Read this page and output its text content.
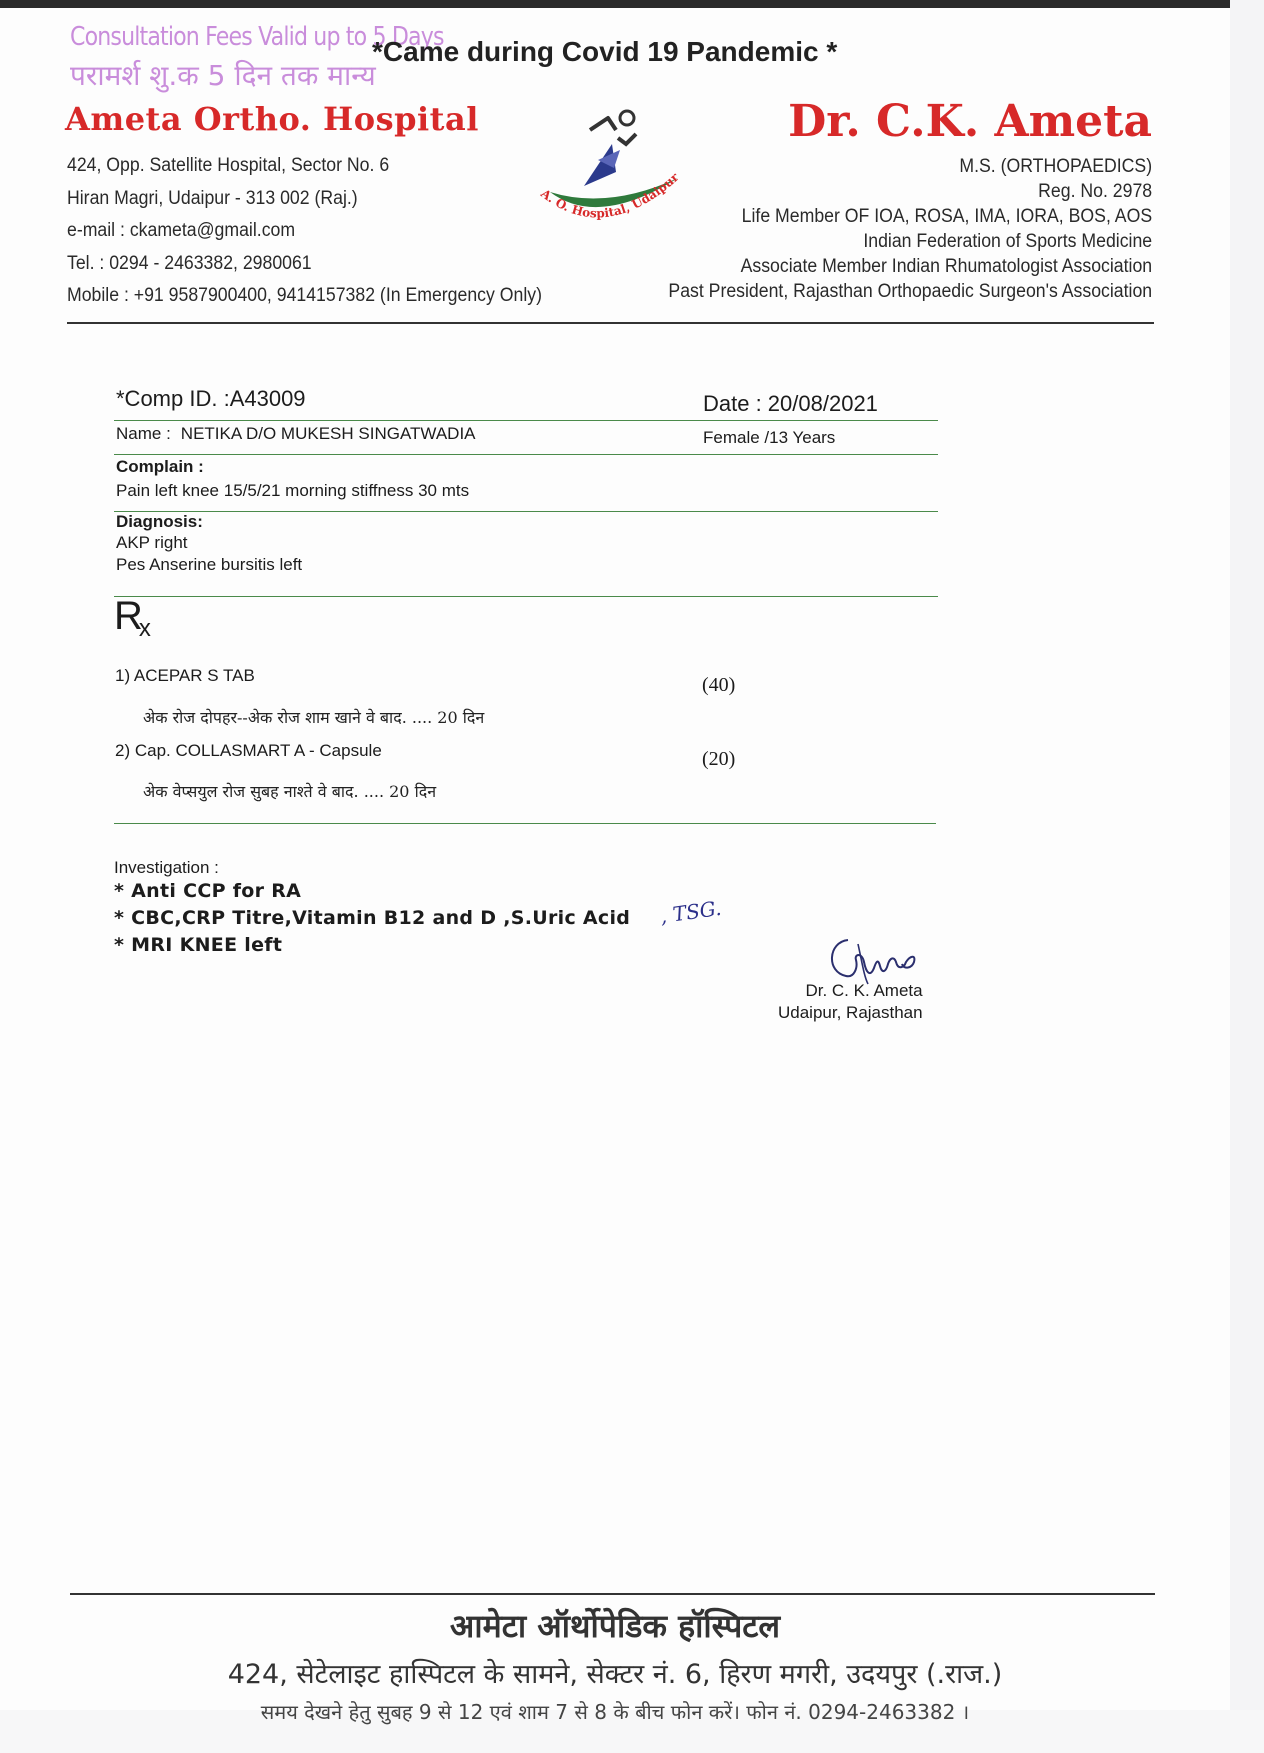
Consultation Fees Valid up to 5 Days
परामर्श शु.क 5 दिन तक मान्य
*Came during Covid 19 Pandemic *
Ameta Ortho. Hospital	Dr. C.K. Ameta
424, Opp. Satellite Hospital, Sector No. 6
Hiran Magri, Udaipur - 313 002 (Raj.)
e-mail : ckameta@gmail.com
Tel. : 0294 - 2463382, 2980061
Mobile : +91 9587900400, 9414157382 (In Emergency Only)
M.S. (ORTHOPAEDICS)
Reg. No. 2978
Life Member OF IOA, ROSA, IMA, IORA, BOS, AOS
Indian Federation of Sports Medicine
Associate Member Indian Rhumatologist Association
Past President, Rajasthan Orthopaedic Surgeon's Association
A. O. Hospital, Udaipur
*Comp ID. :A43009	Date : 20/08/2021
Name : NETIKA D/O MUKESH SINGATWADIA	Female /13 Years
Complain :
Pain left knee 15/5/21 morning stiffness 30 mts
Diagnosis:
AKP right
Pes Anserine bursitis left
$R_x$
1) ACEPAR S TAB	(40)
अेक रोज दोपहर--अेक रोज शाम खाने वे बाद. .... 20 दिन
2) Cap. COLLASMART A - Capsule	(20)
अेक वेप्सयुल रोज सुबह नाश्ते वे बाद. .... 20 दिन
Investigation :
* Anti CCP for RA
* CBC,CRP Titre,Vitamin B12 and D ,S.Uric Acid
* MRI KNEE left
, TSG.
Dr. C. K. Ameta
Udaipur, Rajasthan
आमेटा ऑर्थोपेडिक हॉस्पिटल
424, सेटेलाइट हास्पिटल के सामने, सेक्टर नं. 6, हिरण मगरी, उदयपुर (.राज.)
समय देखने हेतु सुबह 9 से 12 एवं शाम 7 से 8 के बीच फोन करें। फोन नं. 0294-2463382 ।
